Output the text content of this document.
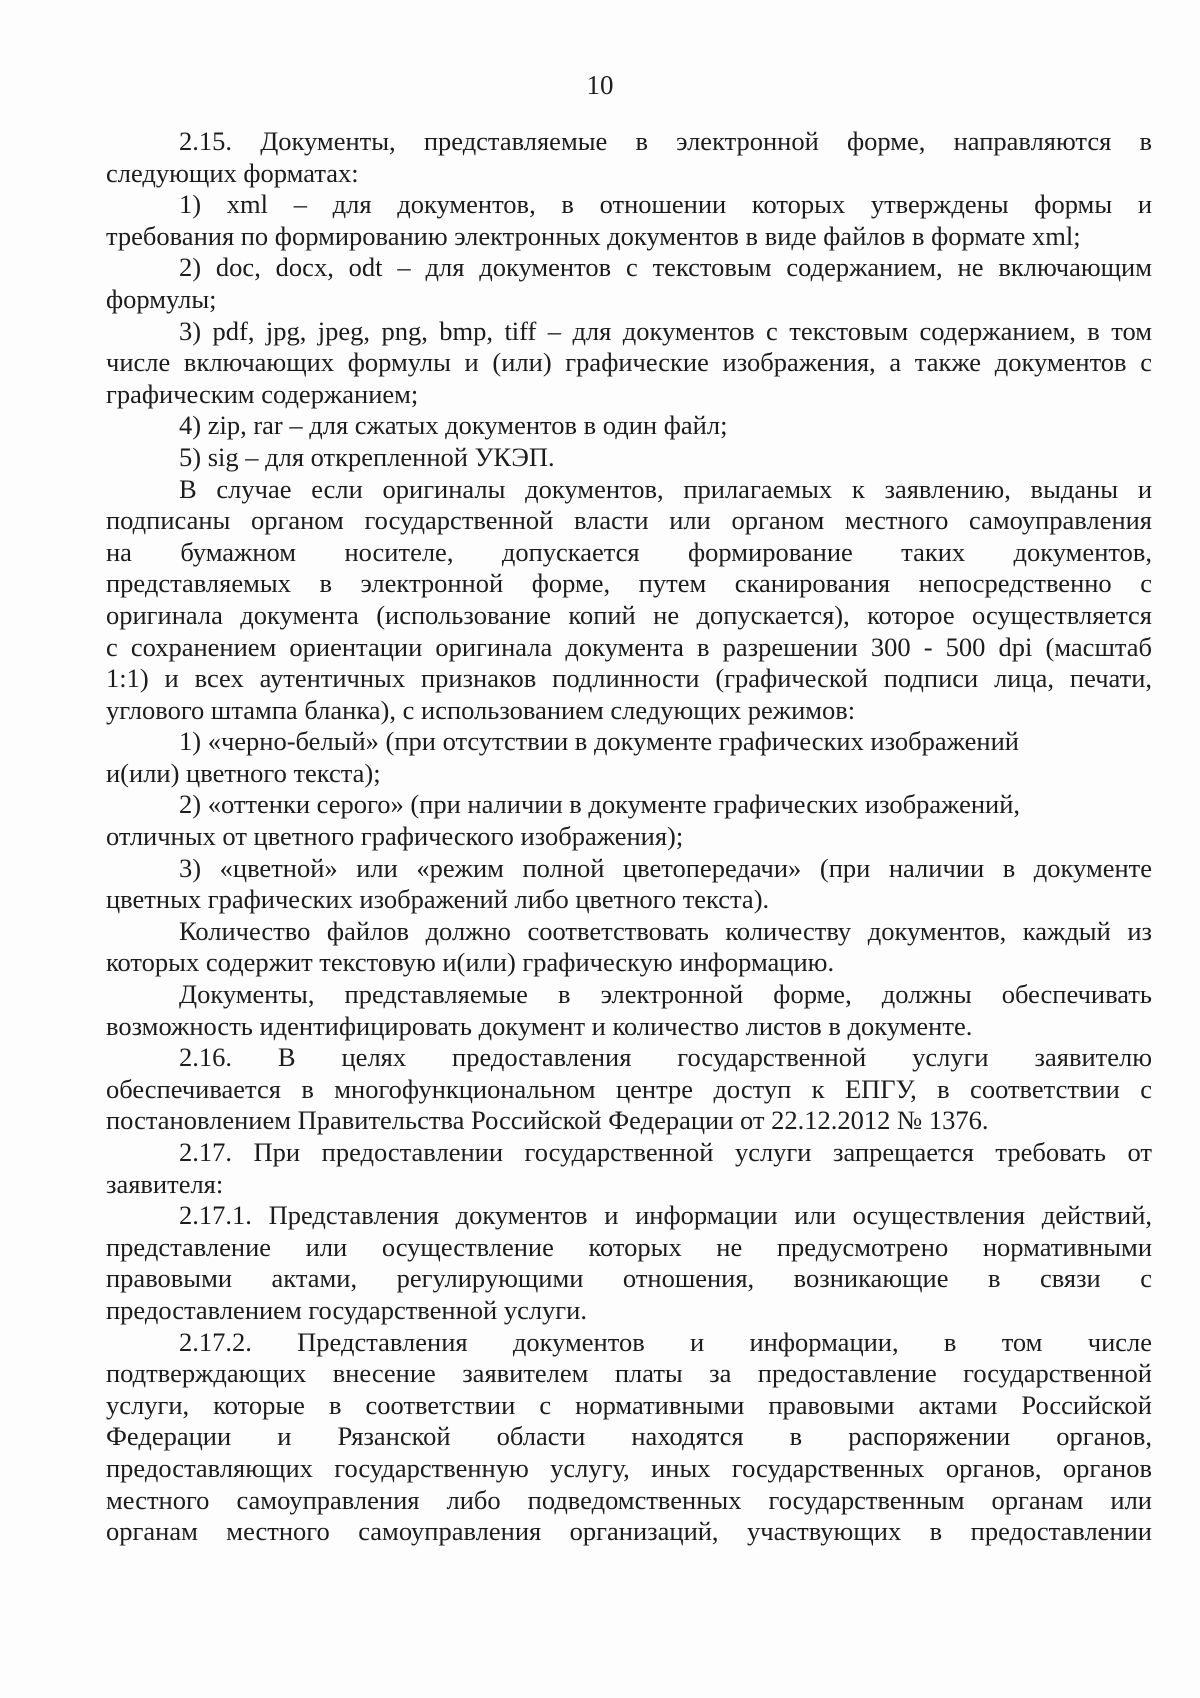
10
2.15. Документы, представляемые в электронной форме, направляются в
следующих форматах:
1) xml – для документов, в отношении которых утверждены формы и
требования по формированию электронных документов в виде файлов в формате xml;
2) doc, docx, odt – для документов с текстовым содержанием, не включающим
формулы;
3) pdf, jpg, jpeg, png, bmp, tiff – для документов с текстовым содержанием, в том
числе включающих формулы и (или) графические изображения, а также документов с
графическим содержанием;
4) zip, rar – для сжатых документов в один файл;
5) sig – для открепленной УКЭП.
В случае если оригиналы документов, прилагаемых к заявлению, выданы и
подписаны органом государственной власти или органом местного самоуправления
на бумажном носителе, допускается формирование таких документов,
представляемых в электронной форме, путем сканирования непосредственно с
оригинала документа (использование копий не допускается), которое осуществляется
с сохранением ориентации оригинала документа в разрешении 300 - 500 dpi (масштаб
1:1) и всех аутентичных признаков подлинности (графической подписи лица, печати,
углового штампа бланка), с использованием следующих режимов:
1) «черно-белый» (при отсутствии в документе графических изображений
и(или) цветного текста);
2) «оттенки серого» (при наличии в документе графических изображений,
отличных от цветного графического изображения);
3) «цветной» или «режим полной цветопередачи» (при наличии в документе
цветных графических изображений либо цветного текста).
Количество файлов должно соответствовать количеству документов, каждый из
которых содержит текстовую и(или) графическую информацию.
Документы, представляемые в электронной форме, должны обеспечивать
возможность идентифицировать документ и количество листов в документе.
2.16. В целях предоставления государственной услуги заявителю
обеспечивается в многофункциональном центре доступ к ЕПГУ, в соответствии с
постановлением Правительства Российской Федерации от 22.12.2012 № 1376.
2.17. При предоставлении государственной услуги запрещается требовать от
заявителя:
2.17.1. Представления документов и информации или осуществления действий,
представление или осуществление которых не предусмотрено нормативными
правовыми актами, регулирующими отношения, возникающие в связи с
предоставлением государственной услуги.
2.17.2. Представления документов и информации, в том числе
подтверждающих внесение заявителем платы за предоставление государственной
услуги, которые в соответствии с нормативными правовыми актами Российской
Федерации и Рязанской области находятся в распоряжении органов,
предоставляющих государственную услугу, иных государственных органов, органов
местного самоуправления либо подведомственных государственным органам или
органам местного самоуправления организаций, участвующих в предоставлении
